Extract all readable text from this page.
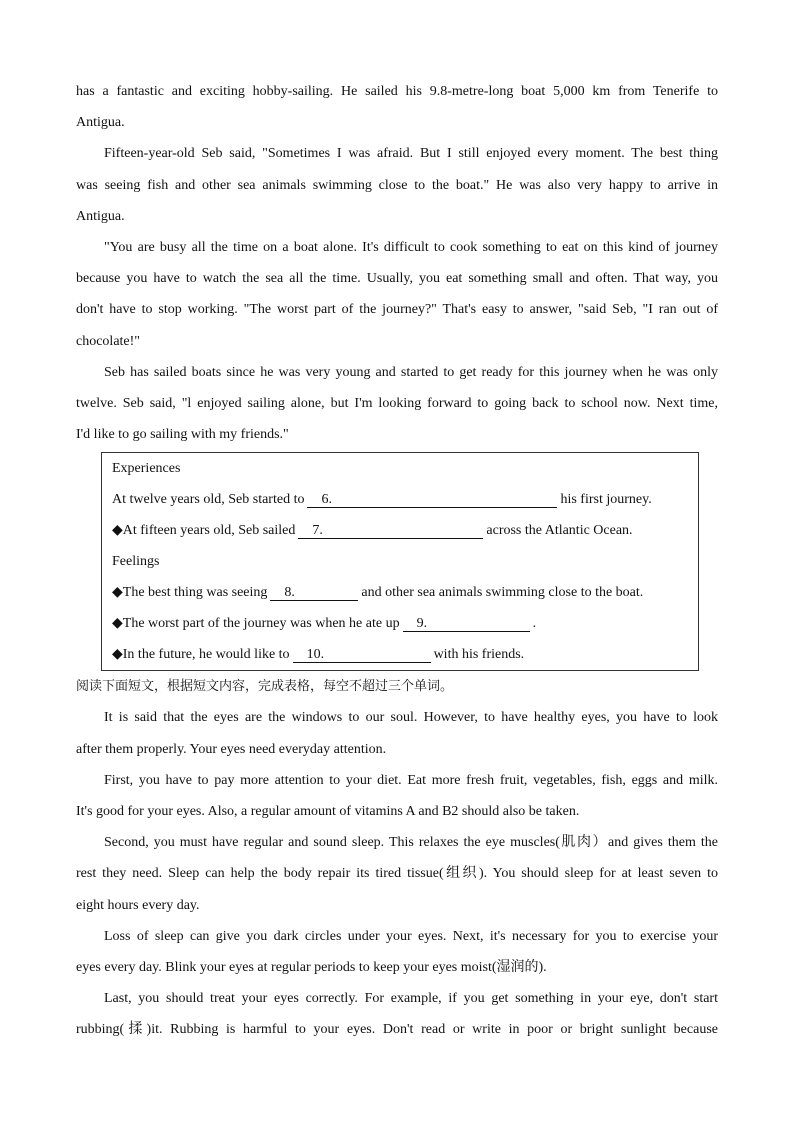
has a fantastic and exciting hobby-sailing. He sailed his 9.8-metre-long boat 5,000 km from Tenerife to
Antigua.
Fifteen-year-old Seb said, "Sometimes I was afraid. But I still enjoyed every moment. The best thing
was seeing fish and other sea animals swimming close to the boat." He was also very happy to arrive in
Antigua.
"You are busy all the time on a boat alone. It's difficult to cook something to eat on this kind of journey
because you have to watch the sea all the time. Usually, you eat something small and often. That way, you
don't have to stop working. "The worst part of the journey?" That's easy to answer, "said Seb, "I ran out of
chocolate!"
Seb has sailed boats since he was very young and started to get ready for this journey when he was only
twelve. Seb said, "l enjoyed sailing alone, but I'm looking forward to going back to school now. Next time,
I'd like to go sailing with my friends."
Experiences
At twelve years old, Seb started to 6.	his first journey.
◆At fifteen years old, Seb sailed 7.	across the Atlantic Ocean.
Feelings
◆The best thing was seeing 8.	and other sea animals swimming close to the boat.
◆The worst part of the journey was when he ate up 9.	.
◆In the future, he would like to 10.	with his friends.
阅读下面短文，根据短文内容，完成表格，每空不超过三个单词。
It is said that the eyes are the windows to our soul. However, to have healthy eyes, you have to look
after them properly. Your eyes need everyday attention.
First, you have to pay more attention to your diet. Eat more fresh fruit, vegetables, fish, eggs and milk.
It's good for your eyes. Also, a regular amount of vitamins A and B2 should also be taken.
Second, you must have regular and sound sleep. This relaxes the eye muscles(肌肉）and gives them the
rest they need. Sleep can help the body repair its tired tissue(组织). You should sleep for at least seven to
eight hours every day.
Loss of sleep can give you dark circles under your eyes. Next, it's necessary for you to exercise your
eyes every day. Blink your eyes at regular periods to keep your eyes moist(湿润的).
Last, you should treat your eyes correctly. For example, if you get something in your eye, don't start
rubbing(揉)it. Rubbing is harmful to your eyes. Don't read or write in poor or bright sunlight because
